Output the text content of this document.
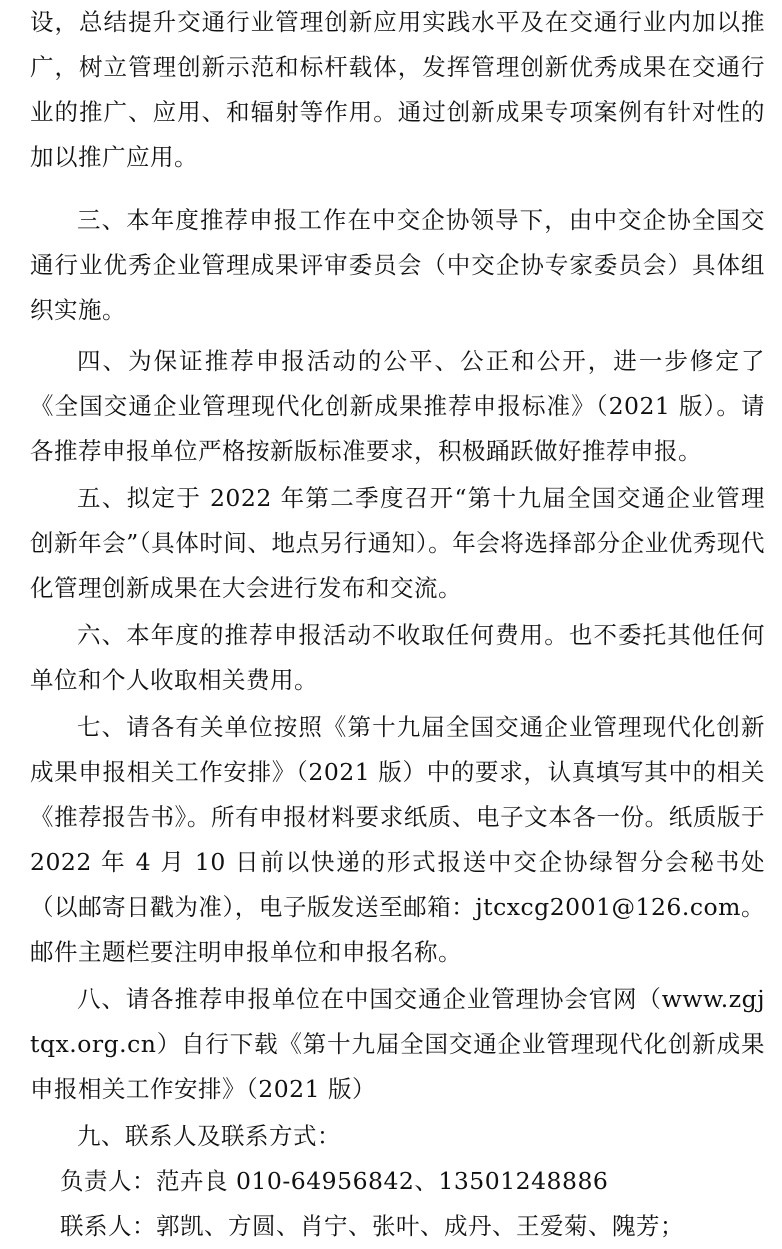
设，总结提升交通行业管理创新应用实践水平及在交通行业内加以推广，树立管理创新示范和标杆载体，发挥管理创新优秀成果在交通行业的推广、应用、和辐射等作用。通过创新成果专项案例有针对性的加以推广应用。

三、本年度推荐申报工作在中交企协领导下，由中交企协全国交通行业优秀企业管理成果评审委员会（中交企协专家委员会）具体组织实施。

四、为保证推荐申报活动的公平、公正和公开，进一步修定了《全国交通企业管理现代化创新成果推荐申报标准》（2021 版）。请各推荐申报单位严格按新版标准要求，积极踊跃做好推荐申报。

五、拟定于 2022 年第二季度召开“第十九届全国交通企业管理创新年会”（具体时间、地点另行通知）。年会将选择部分企业优秀现代化管理创新成果在大会进行发布和交流。

六、本年度的推荐申报活动不收取任何费用。也不委托其他任何单位和个人收取相关费用。

七、请各有关单位按照《第十九届全国交通企业管理现代化创新成果申报相关工作安排》（2021 版）中的要求，认真填写其中的相关《推荐报告书》。所有申报材料要求纸质、电子文本各一份。纸质版于 2022 年 4 月 10 日前以快递的形式报送中交企协绿智分会秘书处（以邮寄日戳为准），电子版发送至邮箱：jtcxcg2001@126.com。邮件主题栏要注明申报单位和申报名称。

八、请各推荐申报单位在中国交通企业管理协会官网（www.zgjtqx.org.cn）自行下载《第十九届全国交通企业管理现代化创新成果申报相关工作安排》（2021 版）

九、联系人及联系方式：

负责人：范卉良 010-64956842、13501248886

联系人：郭凯、方圆、肖宁、张叶、成丹、王爱菊、隗芳；
